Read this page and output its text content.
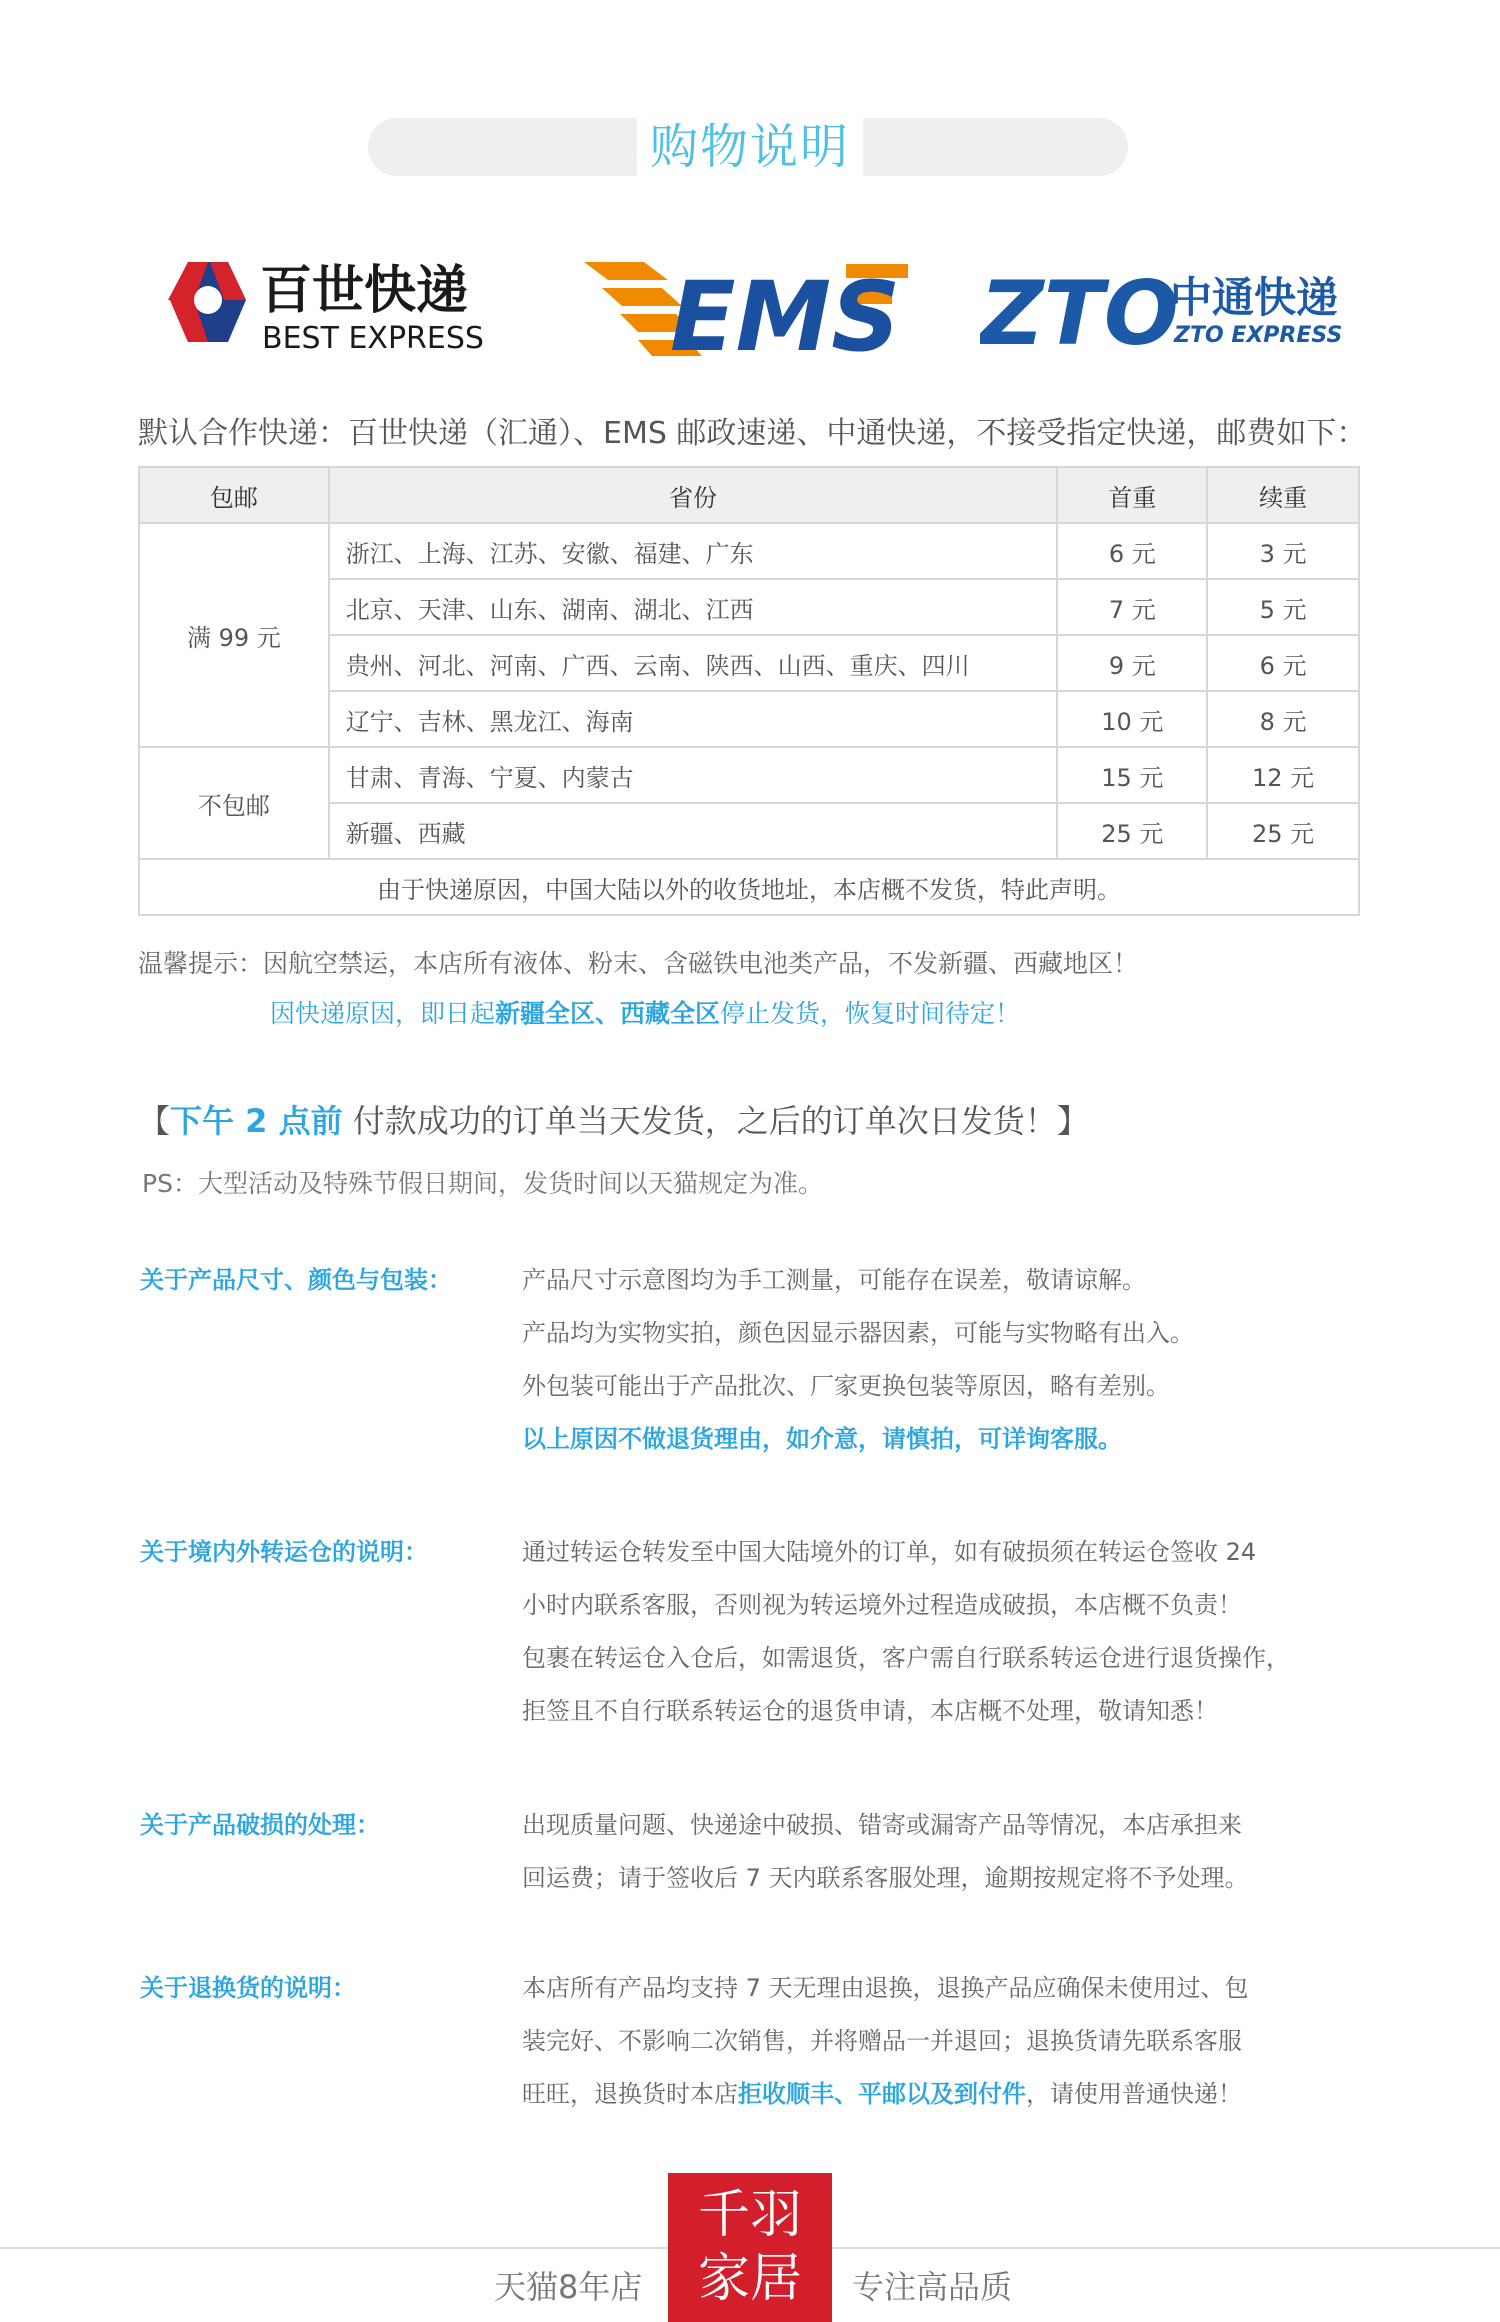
购物说明
百世快递
BEST EXPRESS EMS ZTO
中通快递
ZTO EXPRESS
默认合作快递：百世快递（汇通）、EMS 邮政速递、中通快递，不接受指定快递，邮费如下：
包邮	省份	首重	续重
满 99 元	浙江、上海、江苏、安徽、福建、广东	6 元	3 元
	北京、天津、山东、湖南、湖北、江西	7 元	5 元
	贵州、河北、河南、广西、云南、陕西、山西、重庆、四川	9 元	6 元
	辽宁、吉林、黑龙江、海南	10 元	8 元
不包邮	甘肃、青海、宁夏、内蒙古	15 元	12 元
	新疆、西藏	25 元	25 元
由于快递原因，中国大陆以外的收货地址，本店概不发货，特此声明。			
温馨提示：因航空禁运，本店所有液体、粉末、含磁铁电池类产品，不发新疆、西藏地区！
因快递原因，即日起新疆全区、西藏全区停止发货，恢复时间待定！
【下午 2 点前 付款成功的订单当天发货，之后的订单次日发货！】
PS：大型活动及特殊节假日期间，发货时间以天猫规定为准。
关于产品尺寸、颜色与包装：	产品尺寸示意图均为手工测量，可能存在误差，敬请谅解。
产品均为实物实拍，颜色因显示器因素，可能与实物略有出入。
外包装可能出于产品批次、厂家更换包装等原因，略有差别。
以上原因不做退货理由，如介意，请慎拍，可详询客服。
关于境内外转运仓的说明：	通过转运仓转发至中国大陆境外的订单，如有破损须在转运仓签收 24
小时内联系客服，否则视为转运境外过程造成破损，本店概不负责！
包裹在转运仓入仓后，如需退货，客户需自行联系转运仓进行退货操作，
拒签且不自行联系转运仓的退货申请，本店概不处理，敬请知悉！
关于产品破损的处理：	出现质量问题、快递途中破损、错寄或漏寄产品等情况，本店承担来
回运费；请于签收后 7 天内联系客服处理，逾期按规定将不予处理。
关于退换货的说明：	本店所有产品均支持 7 天无理由退换，退换产品应确保未使用过、包
装完好、不影响二次销售，并将赠品一并退回；退换货请先联系客服
旺旺，退换货时本店拒收顺丰、平邮以及到付件，请使用普通快递！
天猫8年店
千羽
家居	专注高品质
